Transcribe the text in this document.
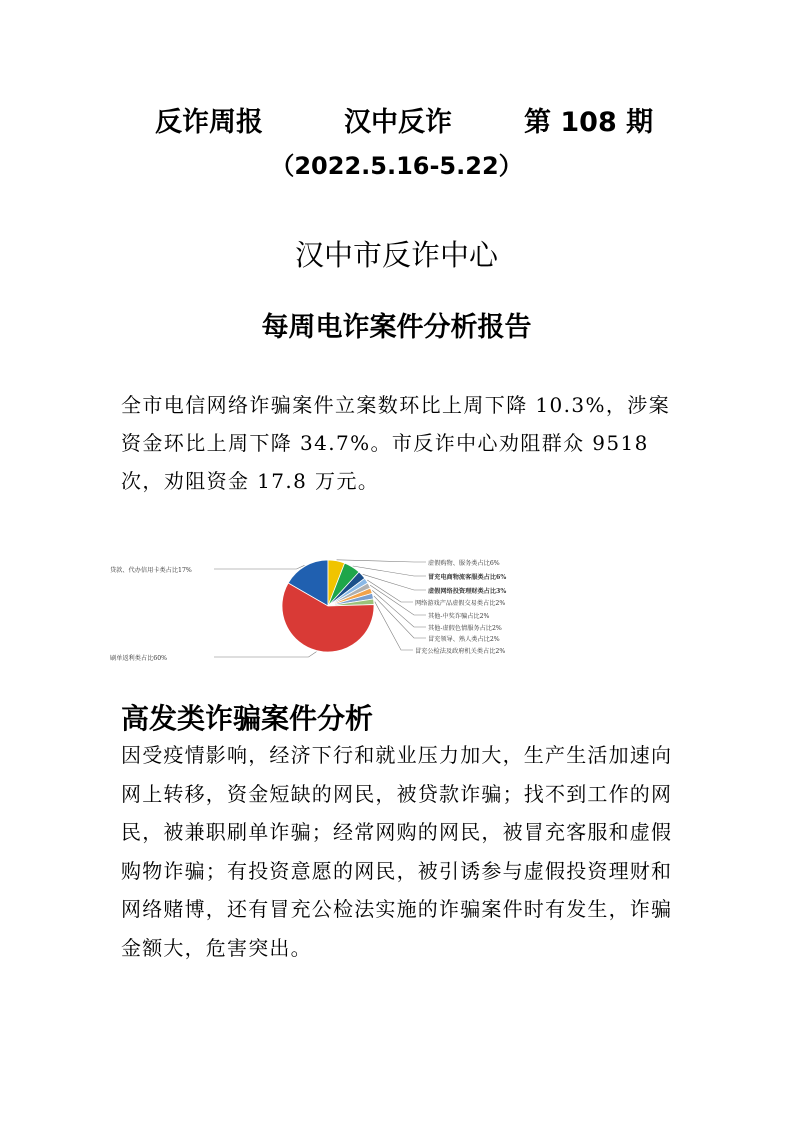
反诈周报	汉中反诈	第 108 期
（2022.5.16-5.22）
汉中市反诈中心
每周电诈案件分析报告

全市电信网络诈骗案件立案数环比上周下降 10.3%，涉案资金环比上周下降 34.7%。市反诈中心劝阻群众 9518 次，劝阻资金 17.8 万元。

贷款、代办信用卡类占比17%
虚假购物、服务类占比6%
冒充电商物流客服类占比6%
虚假网络投资理财类占比3%
网络游戏产品虚假交易类占比2%
其他-中奖诈骗占比2%
其他-虚假色情服务占比2%
冒充领导、熟人类占比2%
冒充公检法及政府机关类占比2%
刷单返利类占比60%
高发类诈骗案件分析

因受疫情影响，经济下行和就业压力加大，生产生活加速向网上转移，资金短缺的网民，被贷款诈骗；找不到工作的网民，被兼职刷单诈骗；经常网购的网民，被冒充客服和虚假购物诈骗；有投资意愿的网民，被引诱参与虚假投资理财和网络赌博，还有冒充公检法实施的诈骗案件时有发生，诈骗金额大，危害突出。
